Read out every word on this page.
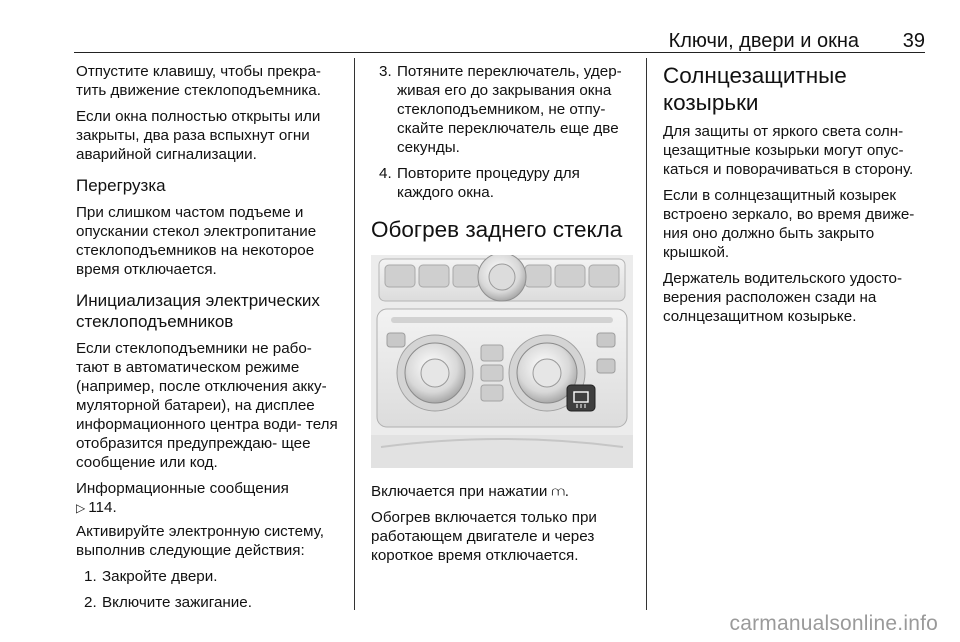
Ключи, двери и окна 39

Отпустите клавишу, чтобы прекра‐ тить движение стеклоподъемника.

Если окна полностью открыты или закрыты, два раза вспыхнут огни аварийной сигнализации.

Перегрузка

При слишком частом подъеме и опускании стекол электропитание стеклоподъемников на некоторое время отключается.

Инициализация электрических стеклоподъемников

Если стеклоподъемники не рабо‐ тают в автоматическом режиме (например, после отключения акку‐ муляторной батареи), на дисплее информационного центра води‐ теля отобразится предупреждаю‐ щее сообщение или код.

Информационные сообщения
▷ 114.

Активируйте электронную систему, выполнив следующие действия:

1. Закройте двери.
2. Включите зажигание.
3. Потяните переключатель, удер‐ живая его до закрывания окна стеклоподъемником, не отпу‐ скайте переключатель еще две секунды.
4. Повторите процедуру для каждого окна.
Обогрев заднего стекла

Включается при нажатии ⩋.

Обогрев включается только при работающем двигателе и через короткое время отключается.

Солнцезащитные козырьки

Для защиты от яркого света солн‐ цезащитные козырьки могут опус‐ каться и поворачиваться в сторону.

Если в солнцезащитный козырек встроено зеркало, во время движе‐ ния оно должно быть закрыто крышкой.

Держатель водительского удосто‐ верения расположен сзади на солнцезащитном козырьке.

carmanualsonline.info
